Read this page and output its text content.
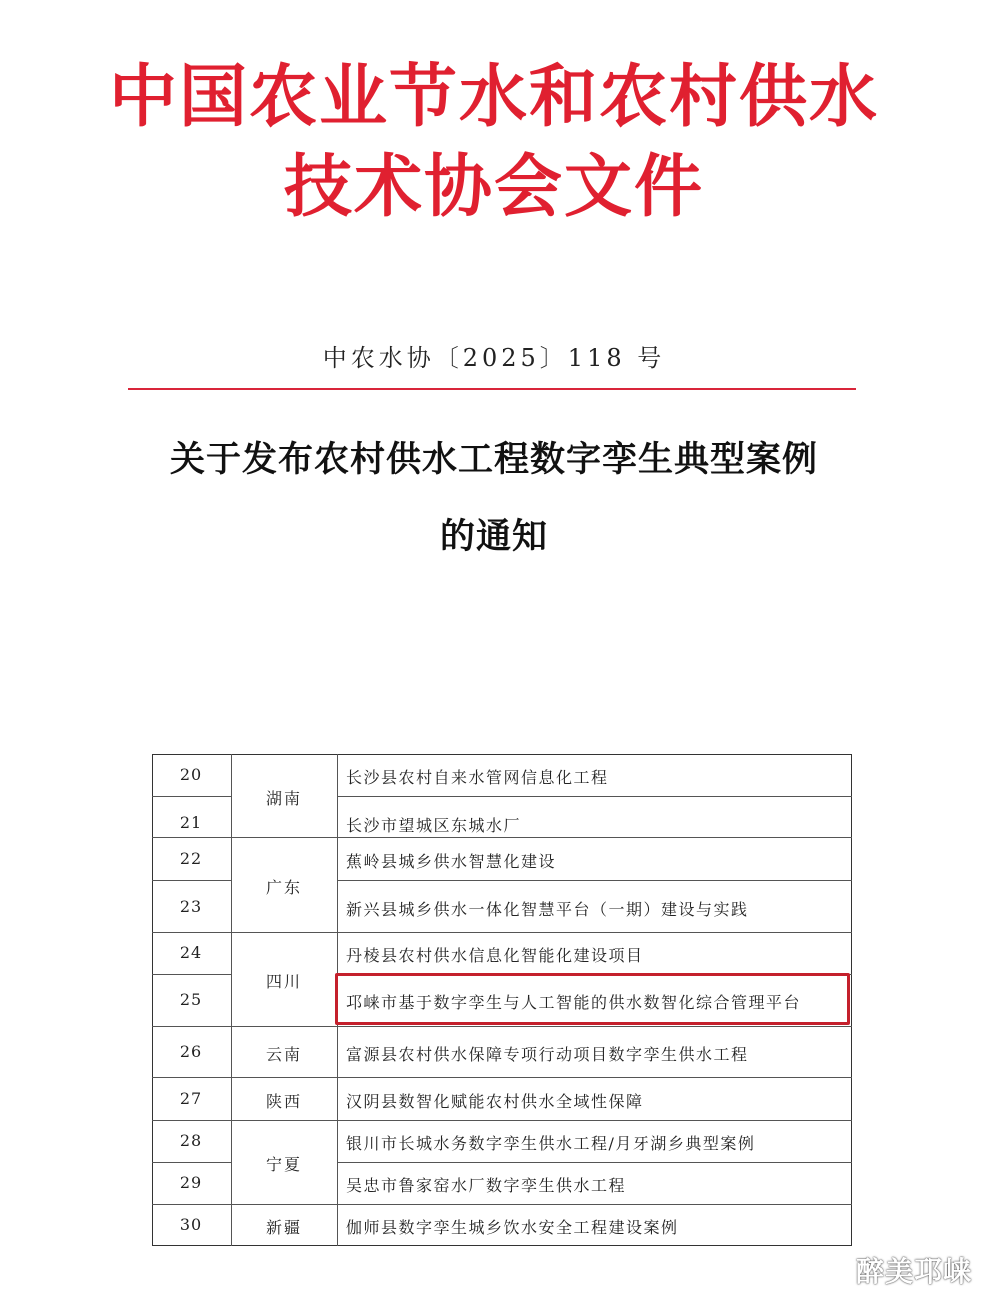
中国农业节水和农村供水
技术协会文件
中农水协〔2025〕118 号
关于发布农村供水工程数字孪生典型案例
的通知
20
21
22
23
24
25
26
27
28
29
30
湖南
广东
四川
云南
陕西
宁夏
新疆
长沙县农村自来水管网信息化工程
长沙市望城区东城水厂
蕉岭县城乡供水智慧化建设
新兴县城乡供水一体化智慧平台（一期）建设与实践
丹棱县农村供水信息化智能化建设项目
邛崃市基于数字孪生与人工智能的供水数智化综合管理平台
富源县农村供水保障专项行动项目数字孪生供水工程
汉阴县数智化赋能农村供水全域性保障
银川市长城水务数字孪生供水工程/月牙湖乡典型案例
吴忠市鲁家窑水厂数字孪生供水工程
伽师县数字孪生城乡饮水安全工程建设案例
醉美邛崃
